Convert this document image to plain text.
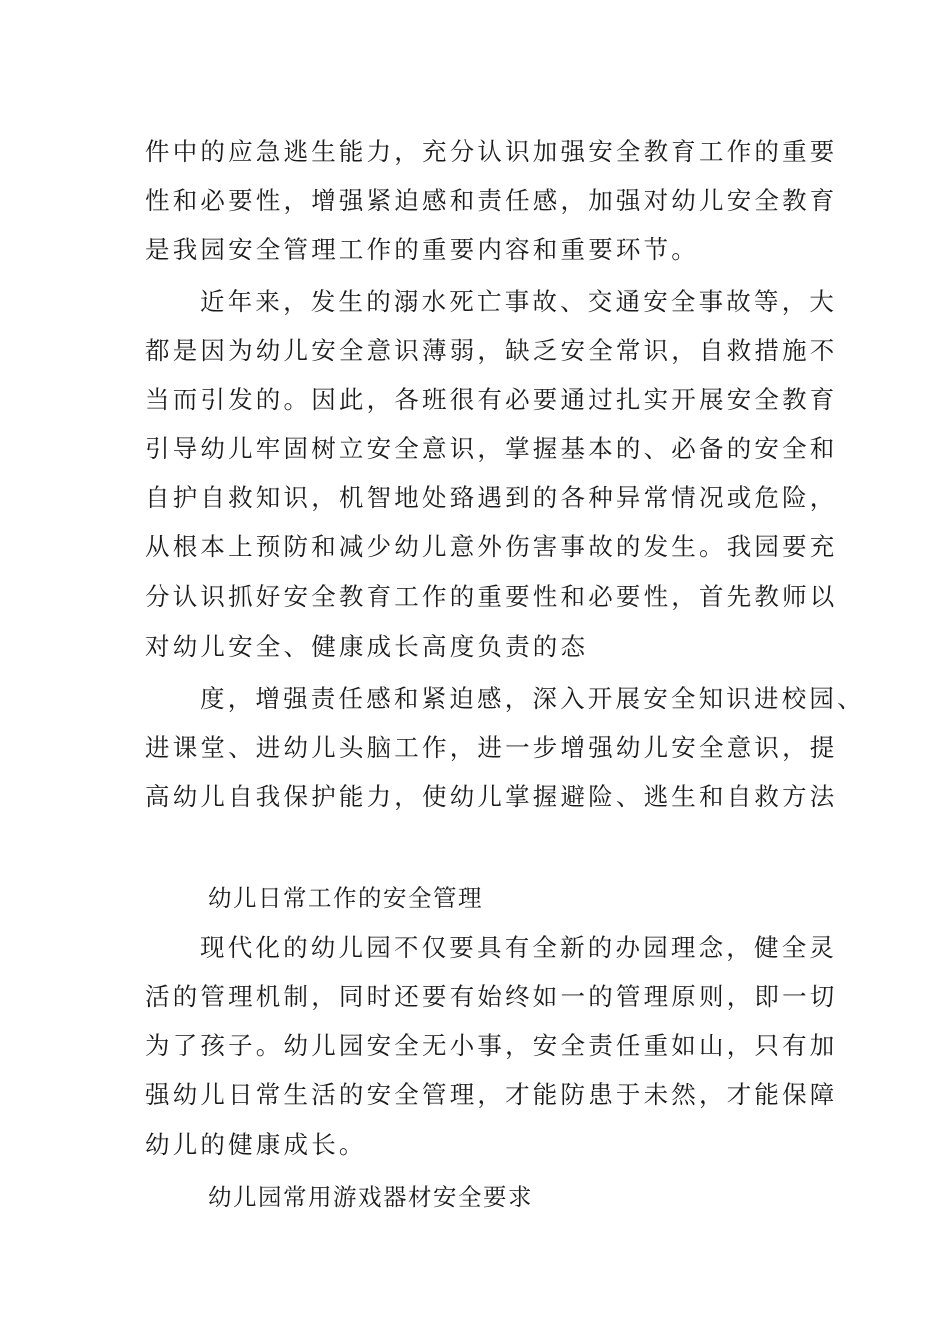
件中的应急逃生能力，充分认识加强安全教育工作的重要
性和必要性，增强紧迫感和责任感，加强对幼儿安全教育
是我园安全管理工作的重要内容和重要环节。
近年来，发生的溺水死亡事故、交通安全事故等，大
都是因为幼儿安全意识薄弱，缺乏安全常识，自救措施不
当而引发的。因此，各班很有必要通过扎实开展安全教育
引导幼儿牢固树立安全意识，掌握基本的、必备的安全和
自护自救知识，机智地处臵遇到的各种异常情况或危险，
从根本上预防和减少幼儿意外伤害事故的发生。我园要充
分认识抓好安全教育工作的重要性和必要性，首先教师以
对幼儿安全、健康成长高度负责的态
度，增强责任感和紧迫感，深入开展安全知识进校园、
进课堂、进幼儿头脑工作，进一步增强幼儿安全意识，提
高幼儿自我保护能力，使幼儿掌握避险、逃生和自救方法
幼儿日常工作的安全管理
现代化的幼儿园不仅要具有全新的办园理念，健全灵
活的管理机制，同时还要有始终如一的管理原则，即一切
为了孩子。幼儿园安全无小事，安全责任重如山，只有加
强幼儿日常生活的安全管理，才能防患于未然，才能保障
幼儿的健康成长。
幼儿园常用游戏器材安全要求
